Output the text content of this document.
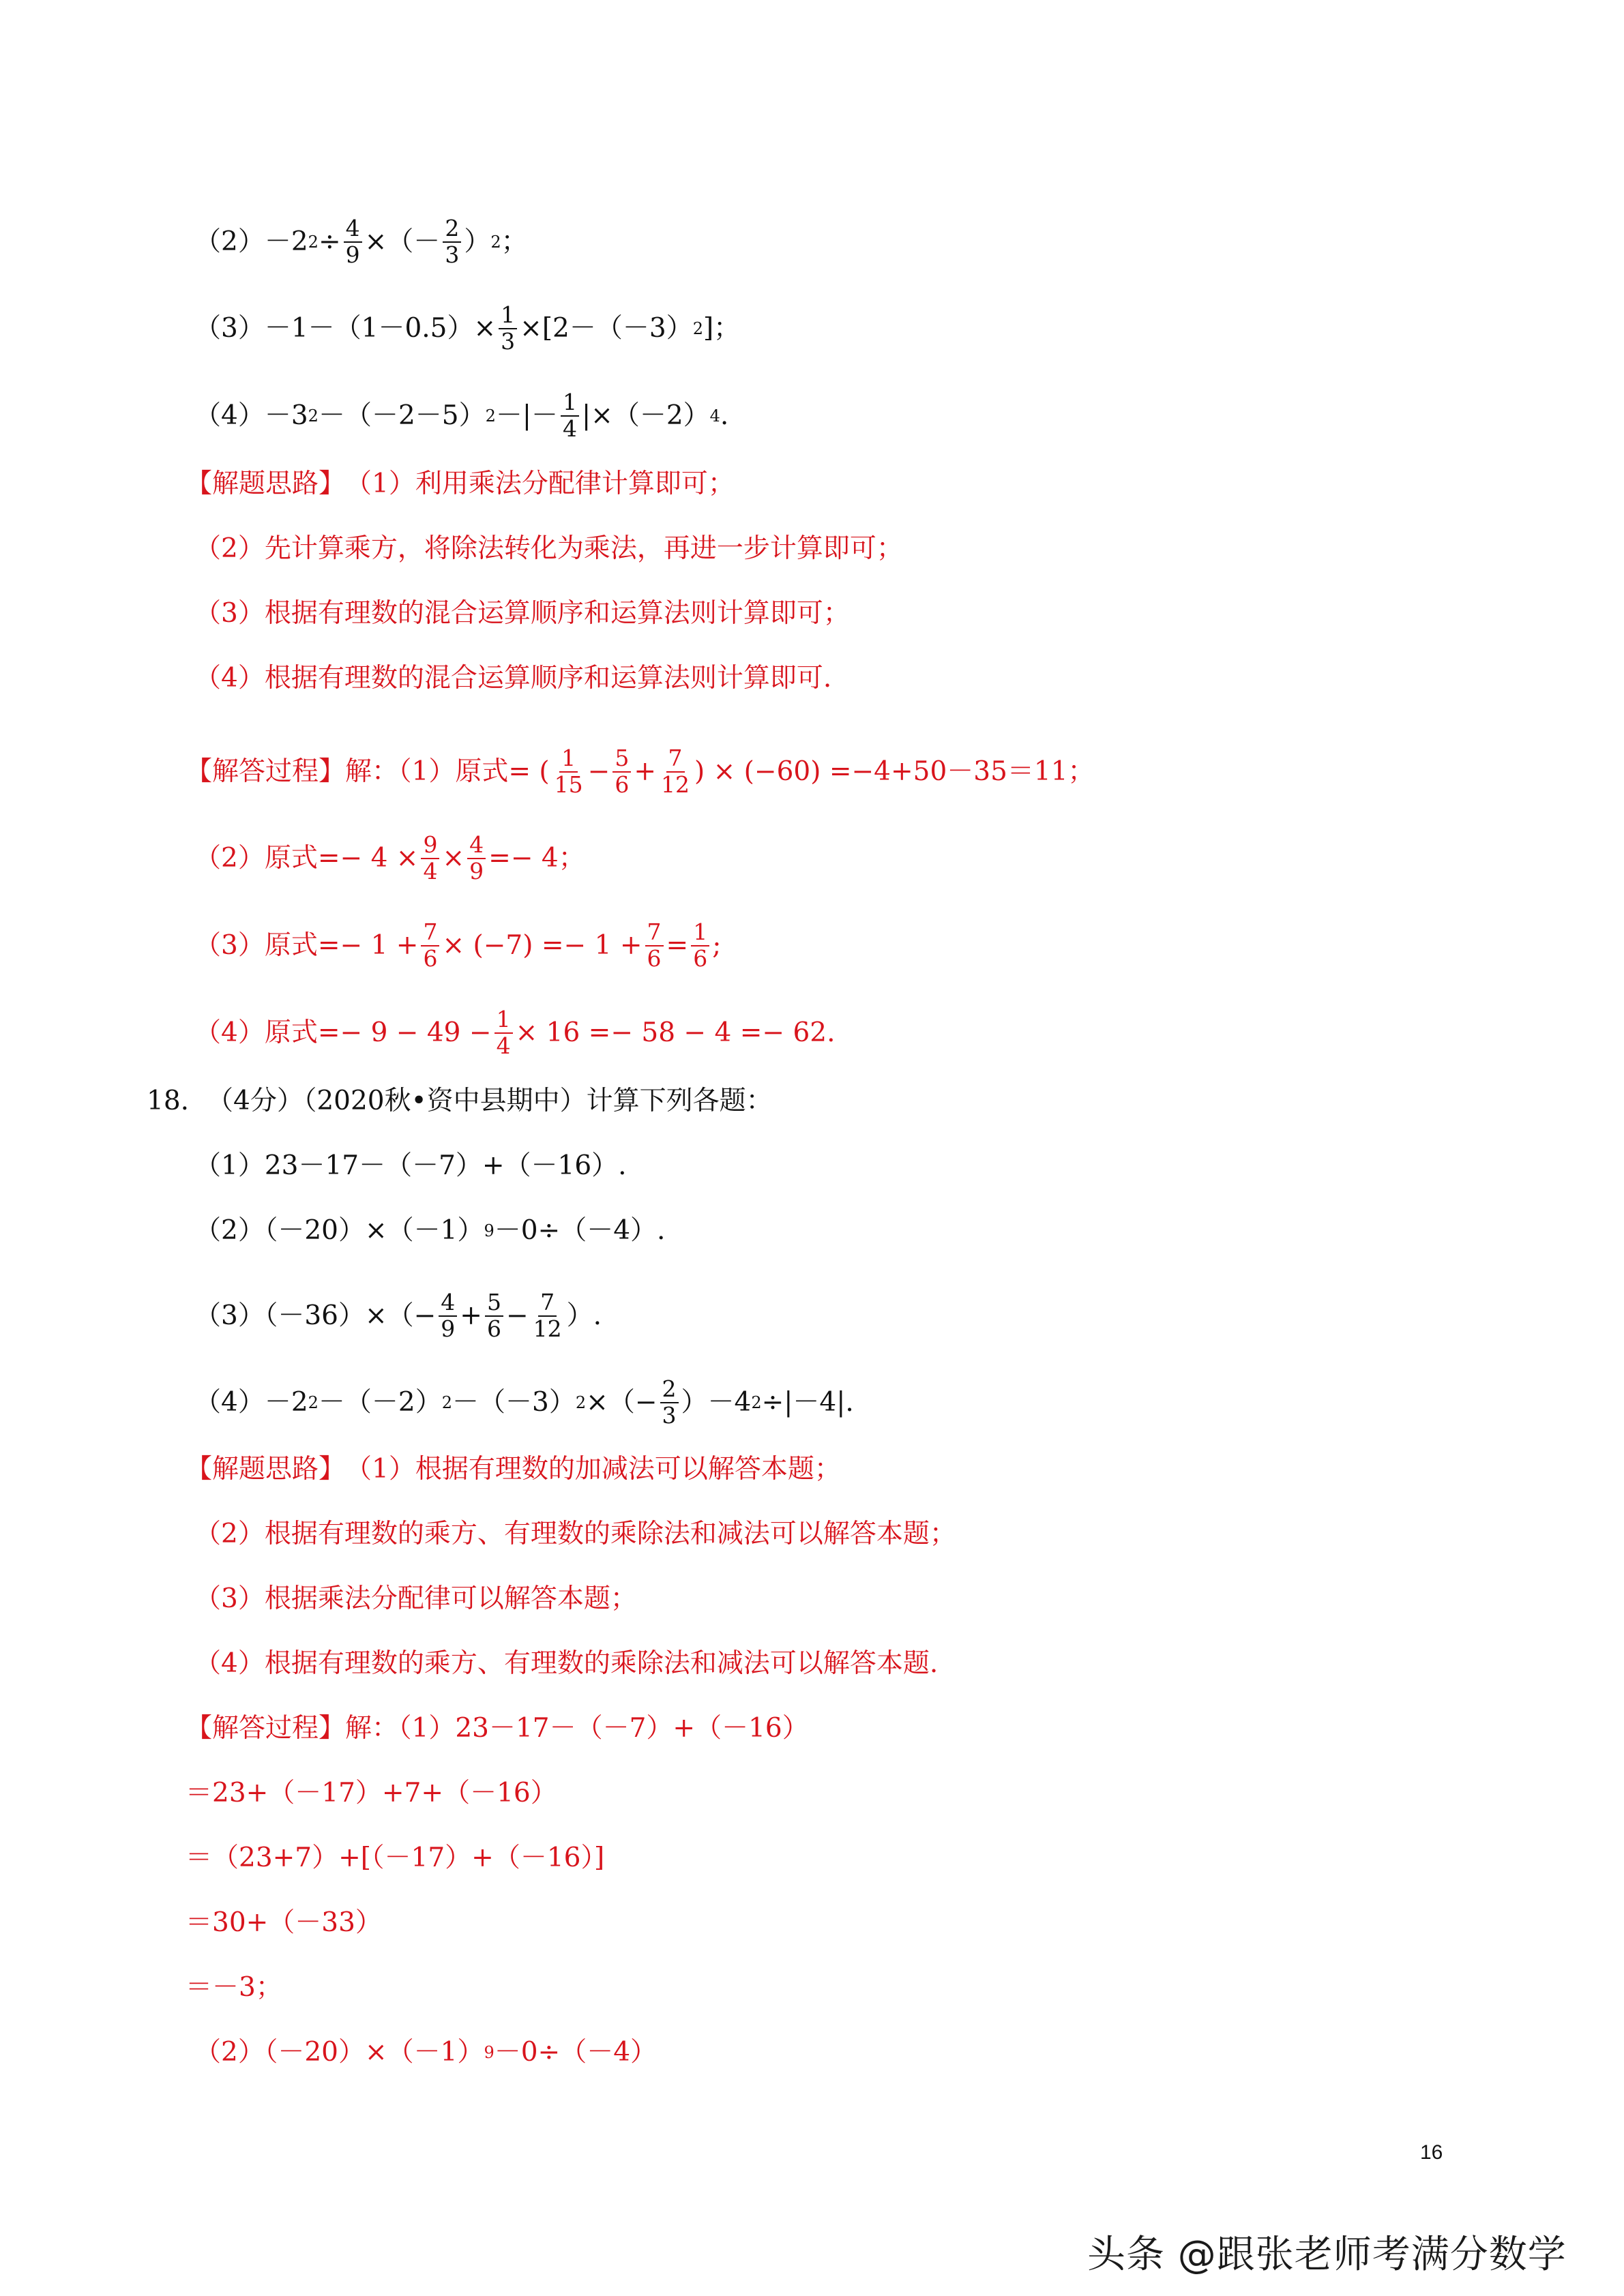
（2） －2 $2 \div \frac{4}{9}$ ×（－ $\frac{2}{3}$ ） 2 ；
$(3) -1-(1-0.5)\times \frac{1}{3} \times[2-(-3)$ 2 ]；
（4） －3 2 －（－2－5） 2 －|－ $\frac{1}{4} |\times(-2)$ 4 .
【解题思路】 （1）利用乘法分配律计算即可；
（2）先计算乘方，将除法转化为乘法，再进一步计算即可；
（3）根据有理数的混合运算顺序和运算法则计算即可；
（4）根据有理数的混合运算顺序和运算法则计算即可.
【解答过程】 解：（1）原式= ( $\frac{1}{15} - \frac{5}{6} + \frac{7}{12}$ ) × (−60) =−4+50－35＝11；
（2）原式=− $4 \times \frac{9}{4} \times \frac{4}{9} =- 4$；
（3）原式=− $1 + \frac{7}{6} \times (-7) =- 1 + \frac{7}{6} = \frac{1}{6}$ ;
（4）原式=− $9 - 49 - \frac{1}{4} \times 16 =- 58 - 4 =- 62$.
18. （4分）（2020秋•资中县期中）计算下列各题：
（1）23－17－（－7）+（－16）.
（2）（－20）×（－1） 9 －0÷（－4）.
$(3)(-36)\times(- \frac{4}{9} + \frac{5}{6} - \frac{7}{12}$ ）.
（4）－2 2 －（－2） 2 －（－3） 2 ×（− $\frac{2}{3} )-4$ 2 ÷|－4|.
【解题思路】 （1）根据有理数的加减法可以解答本题；
（2）根据有理数的乘方、有理数的乘除法和减法可以解答本题；
（3）根据乘法分配律可以解答本题；
（4）根据有理数的乘方、有理数的乘除法和减法可以解答本题.
【解答过程】 解：（1）23－17－（－7）+（－16）
＝23+（－17）+7+（－16）
＝（23+7）+[（－17）+（－16）]
＝30+（－33）
＝－3；
（2）（－20）×（－1） 9 －0÷（－4）
16
头条 @跟张老师考满分数学
